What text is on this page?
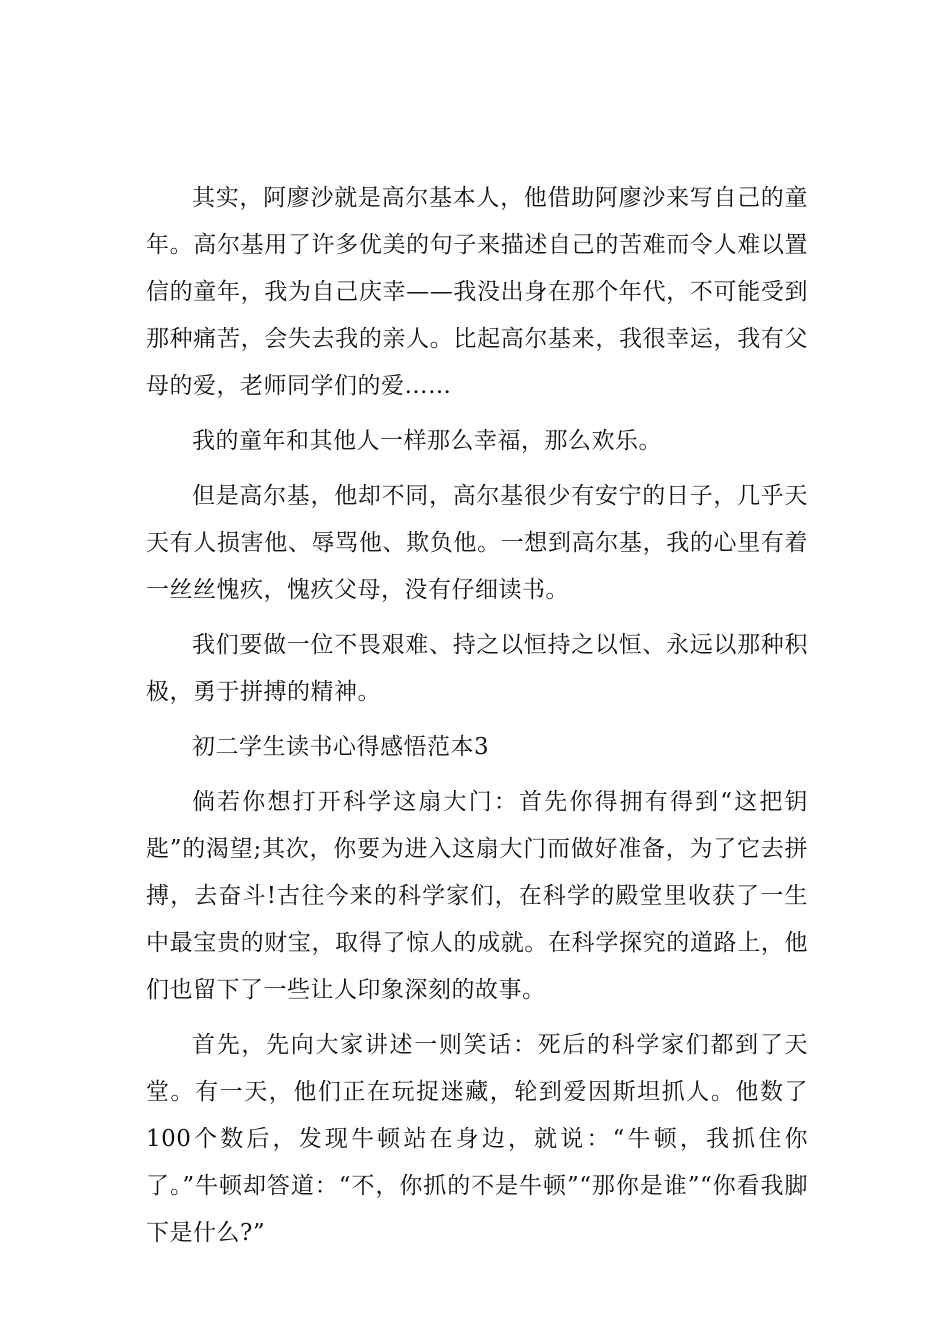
其实，阿廖沙就是高尔基本人，他借助阿廖沙来写自己的童年。高尔基用了许多优美的句子来描述自己的苦难而令人难以置信的童年，我为自己庆幸——我没出身在那个年代，不可能受到那种痛苦，会失去我的亲人。比起高尔基来，我很幸运，我有父母的爱，老师同学们的爱……

我的童年和其他人一样那么幸福，那么欢乐。

但是高尔基，他却不同，高尔基很少有安宁的日子，几乎天天有人损害他、辱骂他、欺负他。一想到高尔基，我的心里有着一丝丝愧疚，愧疚父母，没有仔细读书。

我们要做一位不畏艰难、持之以恒持之以恒、永远以那种积极，勇于拼搏的精神。

初二学生读书心得感悟范本3

倘若你想打开科学这扇大门：首先你得拥有得到“这把钥匙”的渴望;其次，你要为进入这扇大门而做好准备，为了它去拼搏，去奋斗!古往今来的科学家们，在科学的殿堂里收获了一生中最宝贵的财宝，取得了惊人的成就。在科学探究的道路上，他们也留下了一些让人印象深刻的故事。

首先，先向大家讲述一则笑话：死后的科学家们都到了天堂。有一天，他们正在玩捉迷藏，轮到爱因斯坦抓人。他数了100个数后，发现牛顿站在身边，就说：“牛顿，我抓住你了。”牛顿却答道：“不，你抓的不是牛顿”“那你是谁”“你看我脚下是什么?”
